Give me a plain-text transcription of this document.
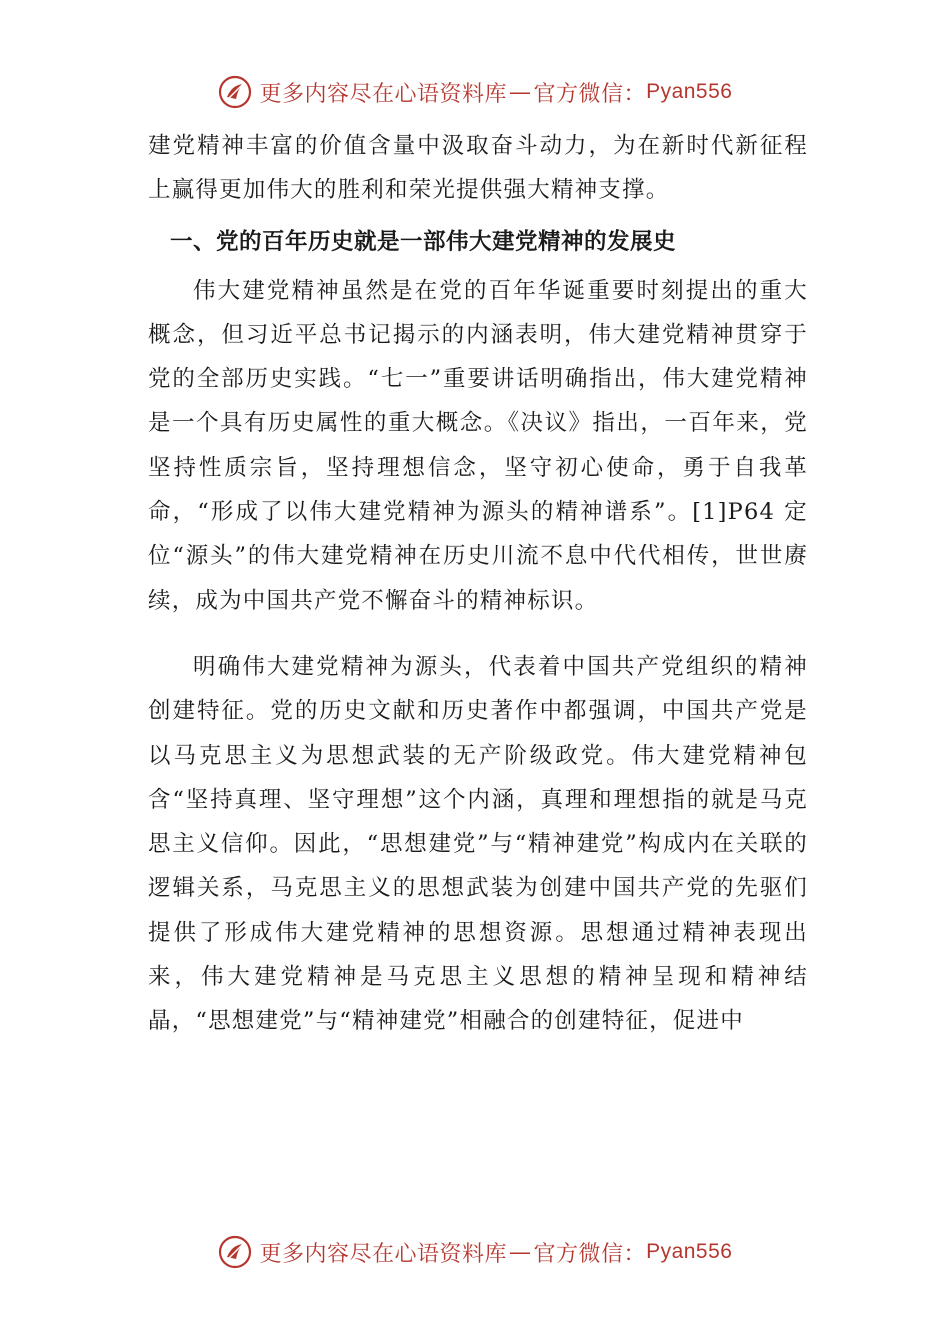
更多内容尽在心语资料库 — 官方微信： Pyan556

建党精神丰富的价值含量中汲取奋斗动力，为在新时代新征程上赢得更加伟大的胜利和荣光提供强大精神支撑。

一、党的百年历史就是一部伟大建党精神的发展史

伟大建党精神虽然是在党的百年华诞重要时刻提出的重大概念，但习近平总书记揭示的内涵表明，伟大建党精神贯穿于党的全部历史实践。“七一”重要讲话明确指出，伟大建党精神是一个具有历史属性的重大概念。《决议》指出，一百年来，党坚持性质宗旨，坚持理想信念，坚守初心使命，勇于自我革命，“形成了以伟大建党精神为源头的精神谱系”。[1]P64 定位“源头”的伟大建党精神在历史川流不息中代代相传，世世赓续，成为中国共产党不懈奋斗的精神标识。

明确伟大建党精神为源头，代表着中国共产党组织的精神创建特征。党的历史文献和历史著作中都强调，中国共产党是以马克思主义为思想武装的无产阶级政党。伟大建党精神包含“坚持真理、坚守理想”这个内涵，真理和理想指的就是马克思主义信仰。因此，“思想建党”与“精神建党”构成内在关联的逻辑关系，马克思主义的思想武装为创建中国共产党的先驱们提供了形成伟大建党精神的思想资源。思想通过精神表现出来，伟大建党精神是马克思主义思想的精神呈现和精神结晶，“思想建党”与“精神建党”相融合的创建特征，促进中

更多内容尽在心语资料库 — 官方微信： Pyan556
